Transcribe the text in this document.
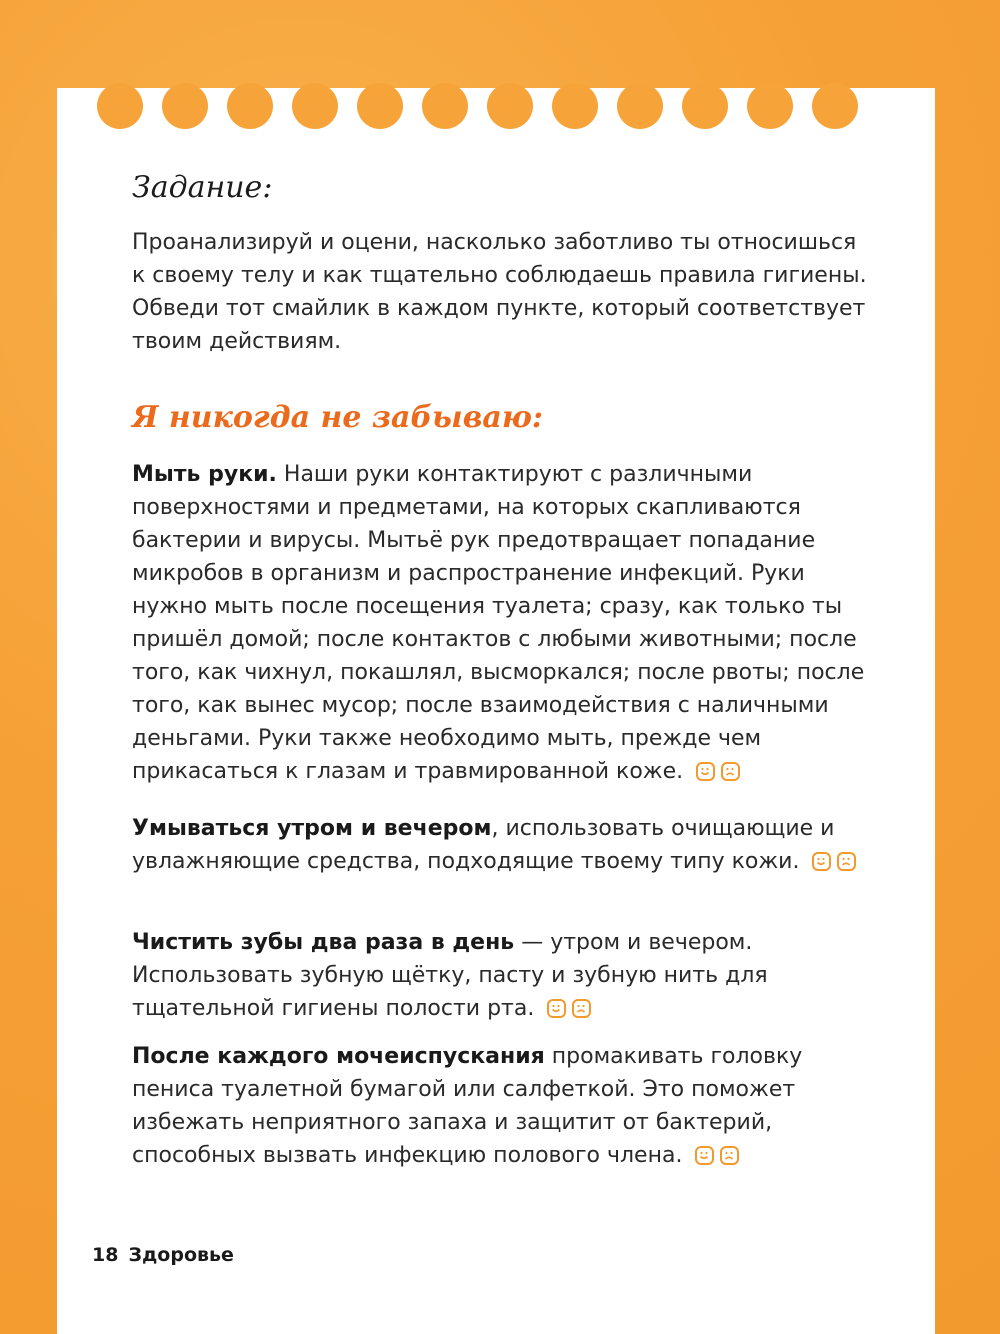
Задание:

Проанализируй и оцени, насколько заботливо ты относишься к своему телу и как тщательно соблюдаешь правила гигиены. Обведи тот смайлик в каждом пункте, который соответствует твоим действиям.

Я никогда не забываю:

Мыть руки. Наши руки контактируют с различными поверхностями и предметами, на которых скапливаются бактерии и вирусы. Мытьё рук предотвращает попадание микробов в организм и распространение инфекций. Руки нужно мыть после посещения туалета; сразу, как только ты пришёл домой; после контактов с любыми животными; после того, как чихнул, покашлял, высморкался; после рвоты; после того, как вынес мусор; после взаимодействия с наличными деньгами. Руки также необходимо мыть, прежде чем прикасаться к глазам и травмированной коже.

Умываться утром и вечером, использовать очищающие и увлажняющие средства, подходящие твоему типу кожи.

Чистить зубы два раза в день — утром и вечером. Использовать зубную щётку, пасту и зубную нить для тщательной гигиены полости рта.

После каждого мочеиспускания промакивать головку пениса туалетной бумагой или салфеткой. Это поможет избежать неприятного запаха и защитит от бактерий, способных вызвать инфекцию полового члена.

18 Здоровье
